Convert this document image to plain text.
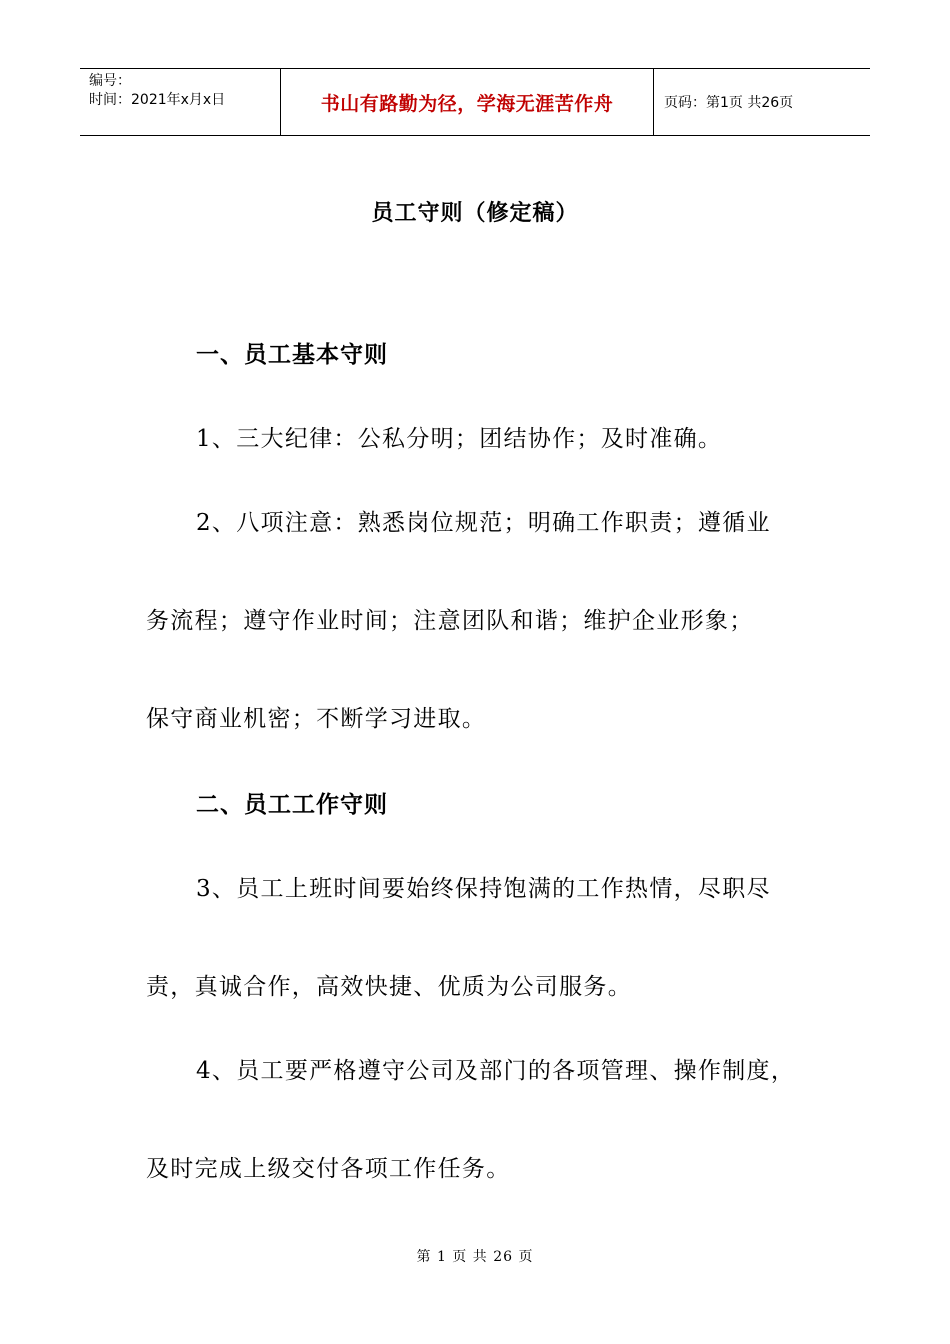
编号：
时间：2021年x月x日	书山有路勤为径，学海无涯苦作舟	页码：第1页 共26页
员工守则（修定稿）
一、员工基本守则
1、三大纪律：公私分明；团结协作；及时准确。
2、八项注意：熟悉岗位规范；明确工作职责；遵循业
务流程；遵守作业时间；注意团队和谐；维护企业形象；
保守商业机密；不断学习进取。
二、员工工作守则
3、员工上班时间要始终保持饱满的工作热情，尽职尽
责，真诚合作，高效快捷、优质为公司服务。
4、员工要严格遵守公司及部门的各项管理、操作制度，
及时完成上级交付各项工作任务。
第 1 页 共 26 页
